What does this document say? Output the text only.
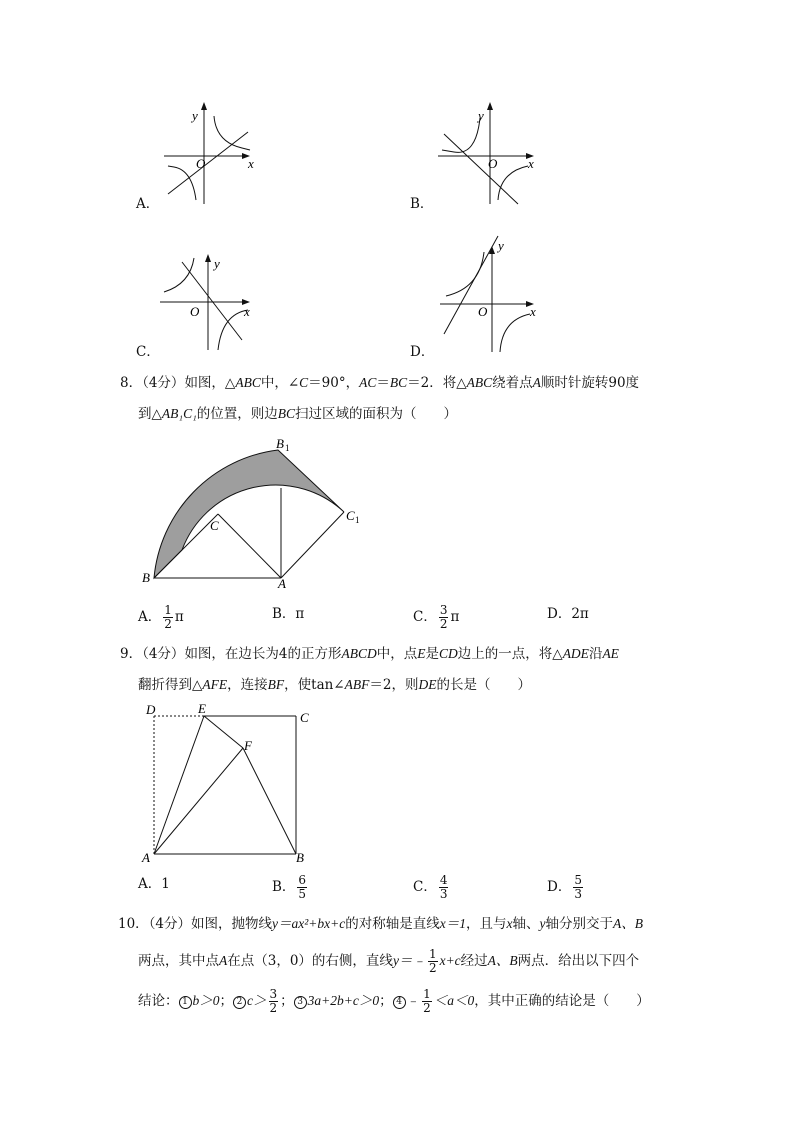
O	x
y
A．
O x
y
B．
O	x
y
C．
O	x
y
D．
8．（4分）如图，△ABC中，∠C＝90°，AC＝BC＝2．将△ABC绕着点A顺时针旋转90度
到△AB₁C₁的位置，则边BC扫过区域的面积为（　　）
B	A
C
B 1
C 1
A． $\frac{1}{2}$ π	B．π	C． $\frac{3}{2}$ π	D．2π
9．（4分）如图，在边长为4的正方形ABCD中，点E是CD边上的一点，将△ADE沿AE
翻折得到△AFE，连接BF，使tan∠ABF＝2，则DE的长是（　　）
D	E
C
F
A	B
A．1	B． $\frac{6}{5}$	C． $\frac{4}{3}$	D． $\frac{5}{3}$
10．（4分）如图，抛物线y＝ax²+bx+c的对称轴是直线x＝1，且与x轴、y轴分别交于A、B
两点，其中点A在点（3，0）的右侧，直线y＝﹣ $\frac{1}{2} x+c$经过A、B两点．给出以下四个
结论： 1 b＞0； 2 $c> \frac{3}{2}$ ； 3 3a+2b+c＞0； 4 ﹣ $\frac{1}{2} <a<0$，其中正确的结论是（　　）
